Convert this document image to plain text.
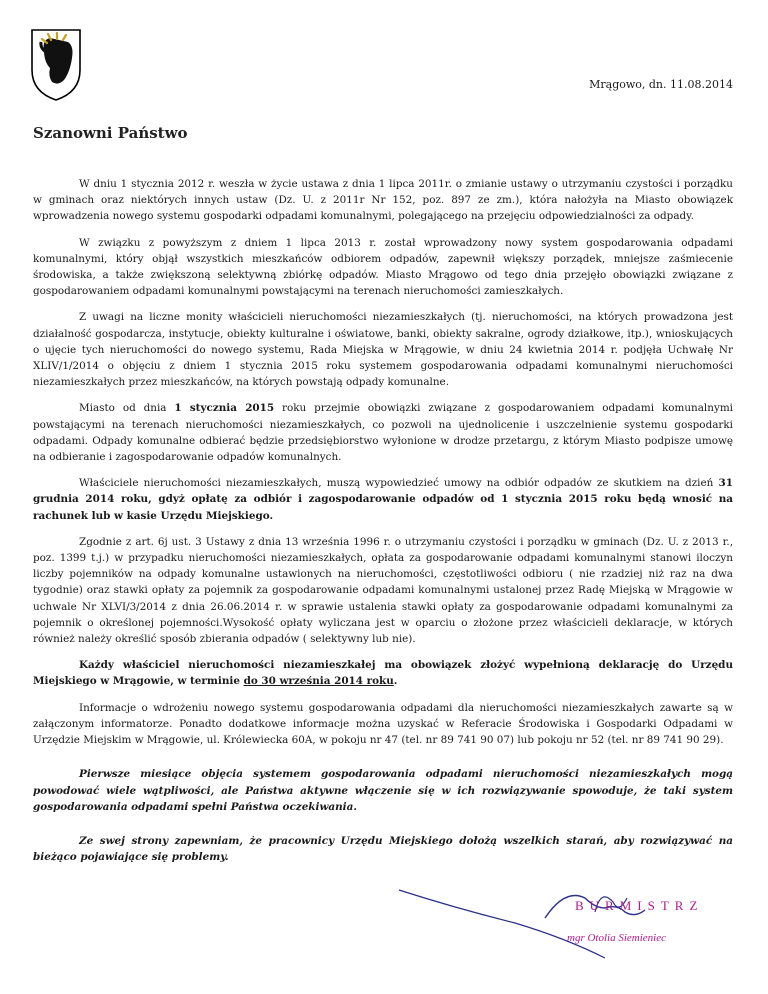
Mrągowo, dn. 11.08.2014
Szanowni Państwo

W dniu 1 stycznia 2012 r. weszła w życie ustawa z dnia 1 lipca 2011r. o zmianie ustawy o utrzymaniu czystości i porządku w gminach oraz niektórych innych ustaw (Dz. U. z 2011r Nr 152, poz. 897 ze zm.), która nałożyła na Miasto obowiązek wprowadzenia nowego systemu gospodarki odpadami komunalnymi, polegającego na przejęciu odpowiedzialności za odpady.

W związku z powyższym z dniem 1 lipca 2013 r. został wprowadzony nowy system gospodarowania odpadami komunalnymi, który objął wszystkich mieszkańców odbiorem odpadów, zapewnił większy porządek, mniejsze zaśmiecenie środowiska, a także zwiększoną selektywną zbiórkę odpadów. Miasto Mrągowo od tego dnia przejęło obowiązki związane z gospodarowaniem odpadami komunalnymi powstającymi na terenach nieruchomości zamieszkałych.

Z uwagi na liczne monity właścicieli nieruchomości niezamieszkałych (tj. nieruchomości, na których prowadzona jest działalność gospodarcza, instytucje, obiekty kulturalne i oświatowe, banki, obiekty sakralne, ogrody działkowe, itp.), wnioskujących o ujęcie tych nieruchomości do nowego systemu, Rada Miejska w Mrągowie, w dniu 24 kwietnia 2014 r. podjęła Uchwałę Nr XLIV/1/2014 o objęciu z dniem 1 stycznia 2015 roku systemem gospodarowania odpadami komunalnymi nieruchomości niezamieszkałych przez mieszkańców, na których powstają odpady komunalne.

Miasto od dnia 1 stycznia 2015 roku przejmie obowiązki związane z gospodarowaniem odpadami komunalnymi powstającymi na terenach nieruchomości niezamieszkałych, co pozwoli na ujednolicenie i uszczelnienie systemu gospodarki odpadami. Odpady komunalne odbierać będzie przedsiębiorstwo wyłonione w drodze przetargu, z którym Miasto podpisze umowę na odbieranie i zagospodarowanie odpadów komunalnych.

Właściciele nieruchomości niezamieszkałych, muszą wypowiedzieć umowy na odbiór odpadów ze skutkiem na dzień 31 grudnia 2014 roku, gdyż opłatę za odbiór i zagospodarowanie odpadów od 1 stycznia 2015 roku będą wnosić na rachunek lub w kasie Urzędu Miejskiego.

Zgodnie z art. 6j ust. 3 Ustawy z dnia 13 września 1996 r. o utrzymaniu czystości i porządku w gminach (Dz. U. z 2013 r., poz. 1399 t.j.) w przypadku nieruchomości niezamieszkałych, opłata za gospodarowanie odpadami komunalnymi stanowi iloczyn liczby pojemników na odpady komunalne ustawionych na nieruchomości, częstotliwości odbioru ( nie rzadziej niż raz na dwa tygodnie) oraz stawki opłaty za pojemnik za gospodarowanie odpadami komunalnymi ustalonej przez Radę Miejską w Mrągowie w uchwale Nr XLVI/3/2014 z dnia 26.06.2014 r. w sprawie ustalenia stawki opłaty za gospodarowanie odpadami komunalnymi za pojemnik o określonej pojemności.Wysokość opłaty wyliczana jest w oparciu o złożone przez właścicieli deklaracje, w których również należy określić sposób zbierania odpadów ( selektywny lub nie).

Każdy właściciel nieruchomości niezamieszkałej ma obowiązek złożyć wypełnioną deklarację do Urzędu Miejskiego w Mrągowie, w terminie do 30 września 2014 roku.

Informacje o wdrożeniu nowego systemu gospodarowania odpadami dla nieruchomości niezamieszkałych zawarte są w załączonym informatorze. Ponadto dodatkowe informacje można uzyskać w Referacie Środowiska i Gospodarki Odpadami w Urzędzie Miejskim w Mrągowie, ul. Królewiecka 60A, w pokoju nr 47 (tel. nr 89 741 90 07) lub pokoju nr 52 (tel. nr 89 741 90 29).

Pierwsze miesiące objęcia systemem gospodarowania odpadami nieruchomości niezamieszkałych mogą powodować wiele wątpliwości, ale Państwa aktywne włączenie się w ich rozwiązywanie spowoduje, że taki system gospodarowania odpadami spełni Państwa oczekiwania.

Ze swej strony zapewniam, że pracownicy Urzędu Miejskiego dołożą wszelkich starań, aby rozwiązywać na bieżąco pojawiające się problemy.

BURMISTRZ
mgr Otolia Siemieniec
